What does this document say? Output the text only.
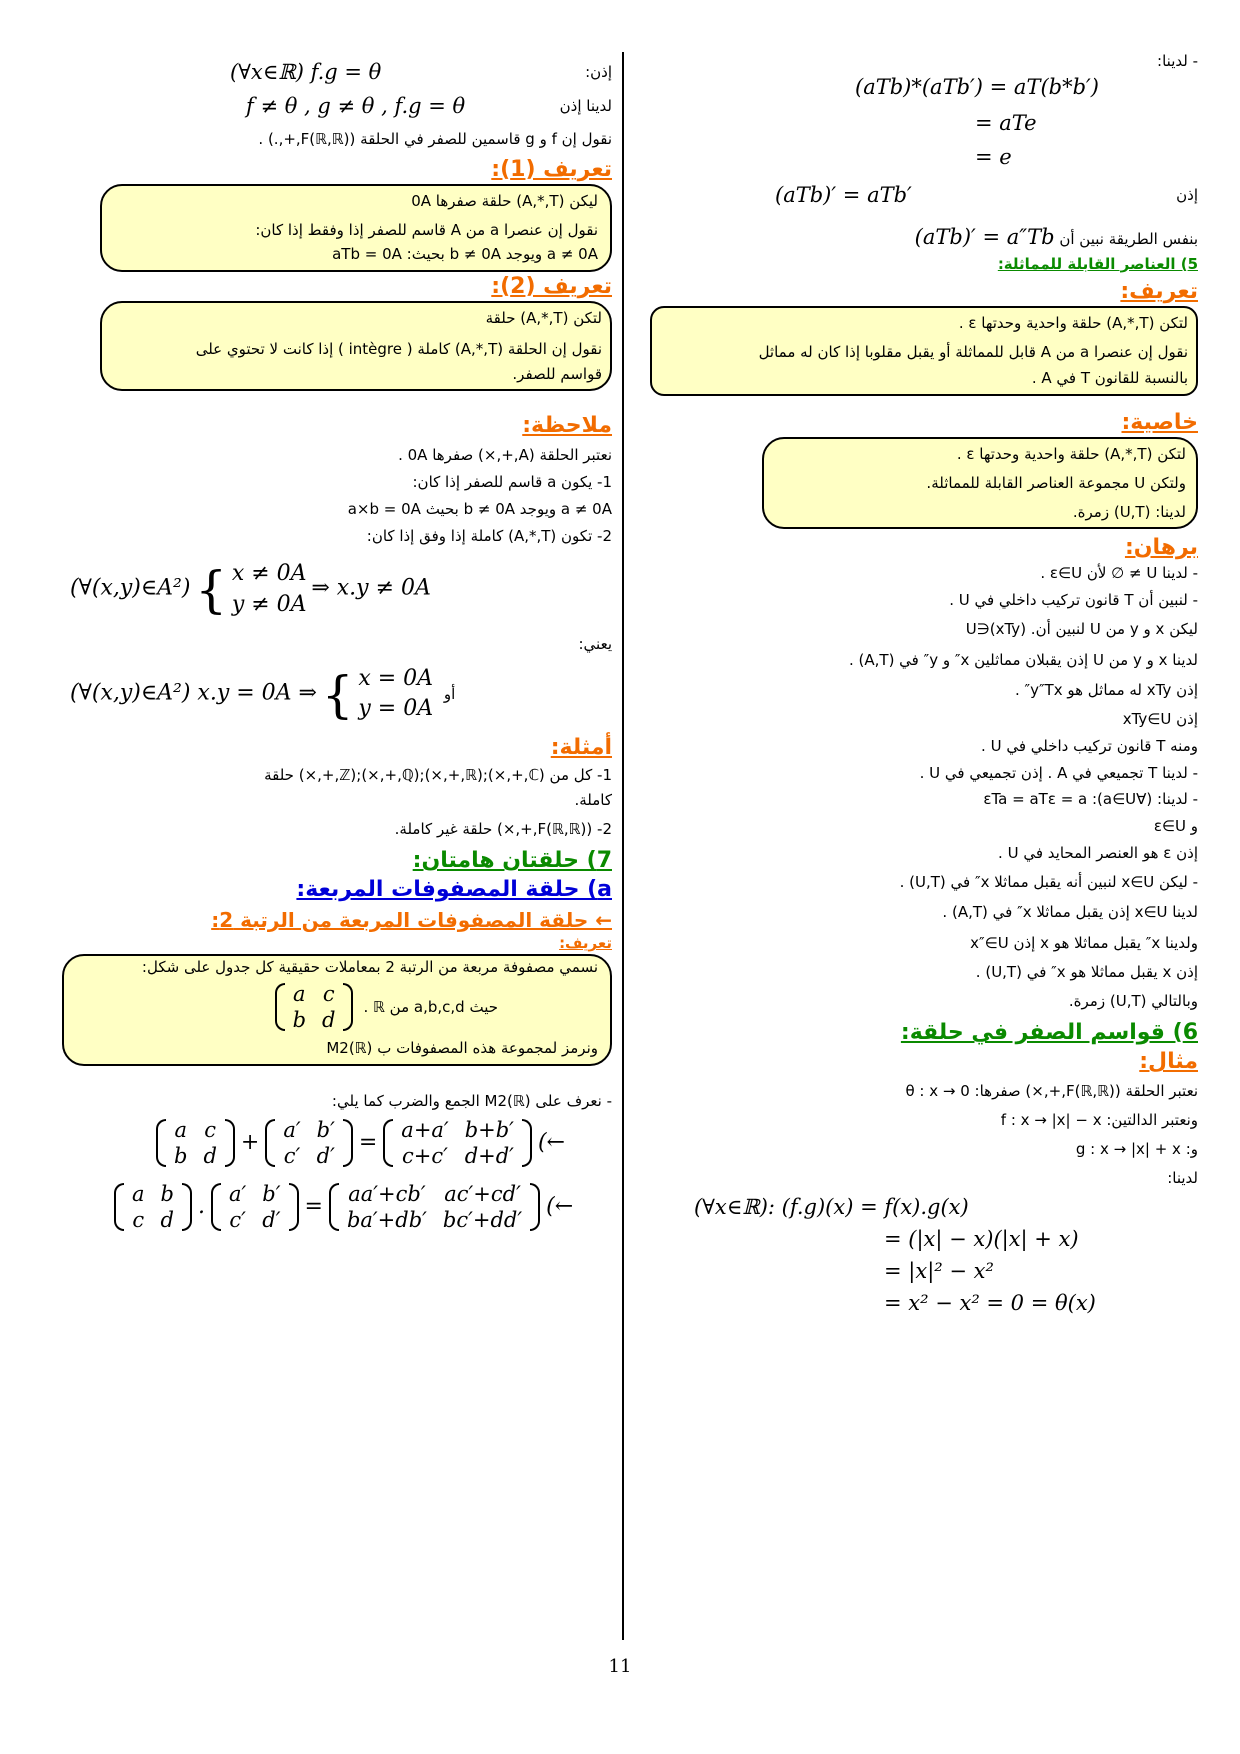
- لدينا:

(aTb)*(aTb′) = aT(b*b′)
= aTe
= e
إذن
(aTb)′ = aTb′
بنفس الطريقة نبين أن (aTb)′ = a″Tb
5) العناصر القابلة للمماثلة:
تعريف:

لتكن (A,*,T) حلقة واحدية وحدتها ε .

نقول إن عنصرا a من A قابل للمماثلة أو يقبل مقلوبا إذا كان له مماثل

بالنسبة للقانون T في A .

خاصية:

لتكن (A,*,T) حلقة واحدية وحدتها ε .

ولتكن U مجموعة العناصر القابلة للمماثلة.

لدينا: (U,T) زمرة.

برهان:

- لدينا U ≠ ∅ لأن ε∈U .

- لنبين أن T قانون تركيب داخلي في U .

ليكن x و y من U لنبين أن. (xTy)∈U

لدينا x و y من U إذن يقبلان مماثلين x″ و y″ في (A,T) .

إذن xTy له مماثل هو y″Tx″ .

إذن xTy∈U

ومنه T قانون تركيب داخلي في U .

- لدينا T تجميعي في A . إذن تجميعي في U .

- لدينا: (∀a∈U): εTa = aTε = a

و ε∈U

إذن ε هو العنصر المحايد في U .

- ليكن x∈U لنبين أنه يقبل مماثلا x″ في (U,T) .

لدينا x∈U إذن يقبل مماثلا x″ في (A,T) .

ولدينا x″ يقبل مماثلا هو x إذن x″∈U

إذن x يقبل مماثلا هو x″ في (U,T) .

وبالتالي (U,T) زمرة.

6) قواسم الصفر في حلقة:
مثال:

نعتبر الحلقة (F(ℝ,ℝ),+,×) صفرها: θ : x → 0

ونعتبر الدالتين: f : x → |x| − x

و: g : x → |x| + x

لدينا:

(∀x∈ℝ): (f.g)(x) = f(x).g(x)
= (|x| − x)(|x| + x)
= |x|² − x²
= x² − x² = 0 = θ(x)
إذن:
(∀x∈ℝ) f.g = θ
لدينا إذن
f ≠ θ , g ≠ θ , f.g = θ

نقول إن f و g قاسمين للصفر في الحلقة (F(ℝ,ℝ),+,.) .

تعريف (1):

ليكن (A,*,T) حلقة صفرها 0A

نقول إن عنصرا a من A قاسم للصفر إذا وفقط إذا كان:

a ≠ 0A ويوجد b ≠ 0A بحيث: aTb = 0A

تعريف (2):

لتكن (A,*,T) حلقة

نقول إن الحلقة (A,*,T) كاملة ( intègre ) إذا كانت لا تحتوي على

قواسم للصفر.

ملاحظة:

نعتبر الحلقة (A,+,×) صفرها 0A .

1- يكون a قاسم للصفر إذا كان:

a ≠ 0A ويوجد b ≠ 0A بحيث a×b = 0A

2- تكون (A,*,T) كاملة إذا وفق إذا كان:

(∀(x,y)∈A²) { x ≠ 0A
y ≠ 0A
⇒ x.y ≠ 0A

يعني:

(∀(x,y)∈A²) x.y = 0A ⇒ { x = 0A
y = 0A
أو
أمثلة:

1- كل من (ℂ,+,×);(ℝ,+,×);(ℚ,+,×);(ℤ,+,×) حلقة

كاملة.

2- (F(ℝ,ℝ),+,×) حلقة غير كاملة.

7) حلقتان هامتان:
a) حلقة المصفوفات المربعة:
← حلقة المصفوفات المربعة من الرتبة 2:
تعريف:

نسمي مصفوفة مربعة من الرتبة 2 بمعاملات حقيقية كل جدول على شكل:

حيث a,b,c,d من ℝ .
a	c
b	d

ونرمز لمجموعة هذه المصفوفات ب M2(ℝ)

- نعرف على M2(ℝ) الجمع والضرب كما يلي:

a	c
b	d
+
a′	b′
c′	d′
=
a+a′	b+b′
c+c′	d+d′
(←
a	b
c	d
.
a′	b′
c′	d′
=
aa′+cb′	ac′+cd′
ba′+db′	bc′+dd′
(←
11
